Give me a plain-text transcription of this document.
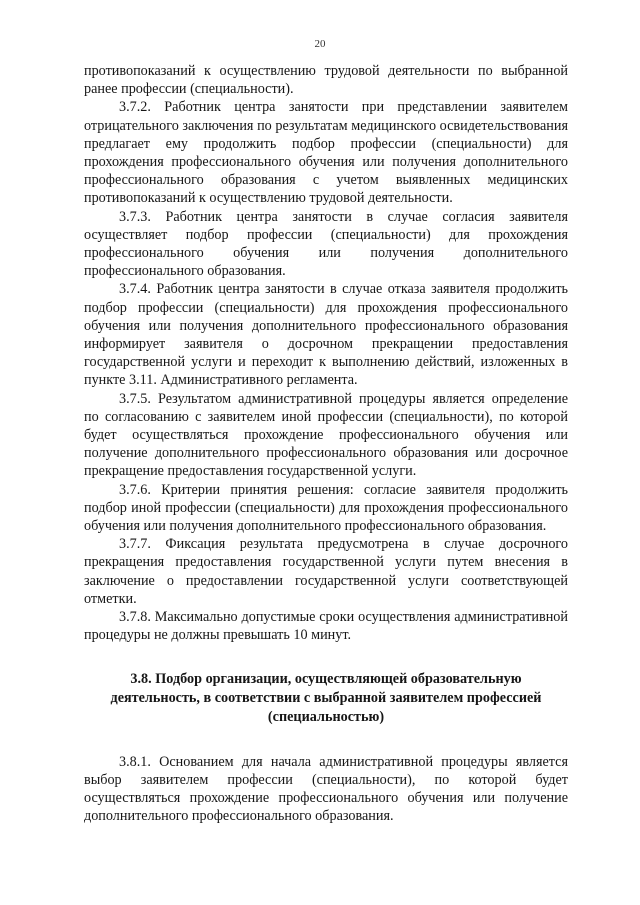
20

противопоказаний к осуществлению трудовой деятельности по выбранной ранее профессии (специальности).

3.7.2. Работник центра занятости при представлении заявителем отрицательного заключения по результатам медицинского освидетельствования предлагает ему продолжить подбор профессии (специальности) для прохождения профессионального обучения или получения дополнительного профессионального образования с учетом выявленных медицинских противопоказаний к осуществлению трудовой деятельности.

3.7.3. Работник центра занятости в случае согласия заявителя осуществляет подбор профессии (специальности) для прохождения профессионального обучения или получения дополнительного профессионального образования.

3.7.4. Работник центра занятости в случае отказа заявителя продолжить подбор профессии (специальности) для прохождения профессионального обучения или получения дополнительного профессионального образования информирует заявителя о досрочном прекращении предоставления государственной услуги и переходит к выполнению действий, изложенных в пункте 3.11. Административного регламента.

3.7.5. Результатом административной процедуры является определение по согласованию с заявителем иной профессии (специальности), по которой будет осуществляться прохождение профессионального обучения или получение дополнительного профессионального образования или досрочное прекращение предоставления государственной услуги.

3.7.6. Критерии принятия решения: согласие заявителя продолжить подбор иной профессии (специальности) для прохождения профессионального обучения или получения дополнительного профессионального образования.

3.7.7. Фиксация результата предусмотрена в случае досрочного прекращения предоставления государственной услуги путем внесения в заключение о предоставлении государственной услуги соответствующей отметки.

3.7.8. Максимально допустимые сроки осуществления административной процедуры не должны превышать 10 минут.

3.8. Подбор организации, осуществляющей образовательную деятельность, в соответствии с выбранной заявителем профессией (специальностью)

3.8.1. Основанием для начала административной процедуры является выбор заявителем профессии (специальности), по которой будет осуществляться прохождение профессионального обучения или получение дополнительного профессионального образования.
